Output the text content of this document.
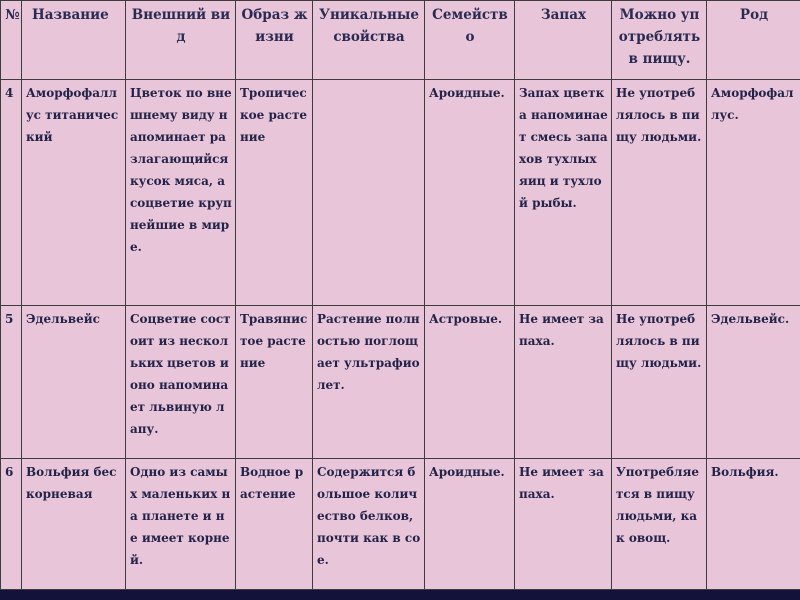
№	Название	Внешний вид	Образ жизни	Уникальные свойства	Семейство	Запах	Можно употреблять в пищу.	Род
4	Аморфофаллус титанический	Цветок по внешнему виду напоминает разлагающийся кусок мяса, а соцветие крупнейшие в мире.	Тропическое растение		Ароидные.	Запах цветка напоминает смесь запахов тухлых яиц и тухлой рыбы.	Не употреблялось в пищу людьми.	Аморфофаллус.
5	Эдельвейс	Соцветие состоит из нескольких цветов и оно напоминает львиную лапу.	Травянистое растение	Растение полностью поглощает ультрафиолет.	Астровые.	Не имеет запаха.	Не употреблялось в пищу людьми.	Эдельвейс.
6	Вольфия бескорневая	Одно из самых маленьких на планете и не имеет корней.	Водное растение	Содержится большое количество белков, почти как в сое.	Ароидные.	Не имеет запаха.	Употребляется в пищу людьми, как овощ.	Вольфия.
